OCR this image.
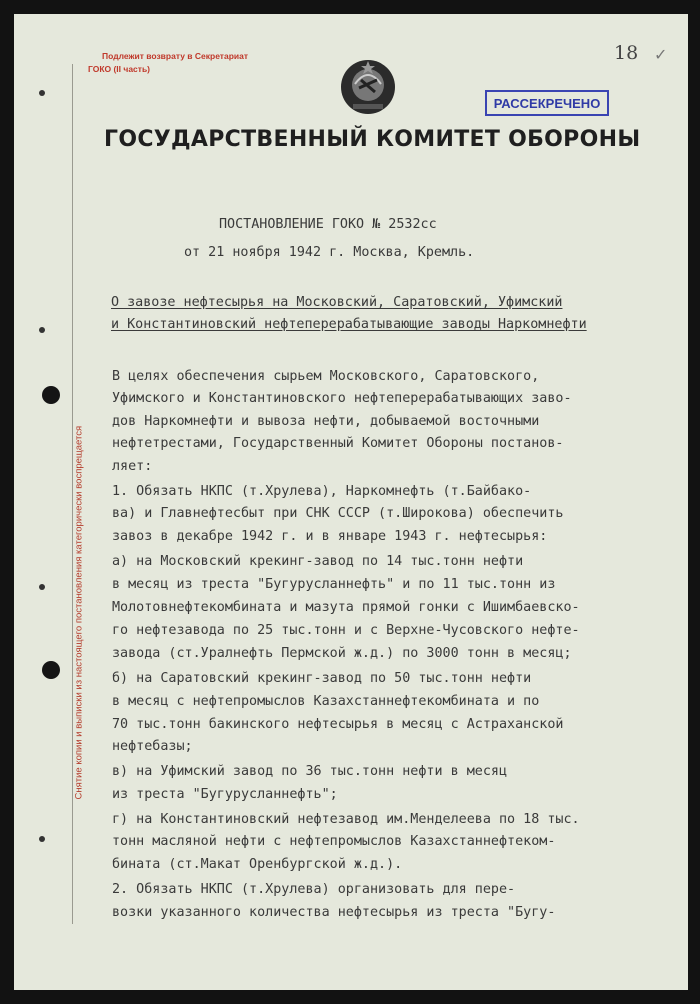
Снятие копии и выписки из настоящего постановления категорически воспрещается
Подлежит возврату в Секретариат
ГОКО (II часть)
18 ✓
РАССЕКРЕЧЕНО
ГОСУДАРСТВЕННЫЙ КОМИТЕТ ОБОРОНЫ
ПОСТАНОВЛЕНИЕ ГОКО № 2532сс
от 21 ноября 1942 г. Москва, Кремль.
О завозе нефтесырья на Московский, Саратовский, Уфимский
и Константиновский нефтеперерабатывающие заводы Наркомнефти
В целях обеспечения сырьем Московского, Саратовского,
Уфимского и Константиновского нефтеперерабатывающих заво-
дов Наркомнефти и вывоза нефти, добываемой восточными
нефтетрестами, Государственный Комитет Обороны постанов-
ляет:
1. Обязать НКПС (т.Хрулева), Наркомнефть (т.Байбако-
ва) и Главнефтесбыт при СНК СССР (т.Широкова) обеспечить
завоз в декабре 1942 г. и в январе 1943 г. нефтесырья:
а) на Московский крекинг-завод по 14 тыс.тонн нефти
в месяц из треста "Бугурусланнефть" и по 11 тыс.тонн из
Молотовнефтекомбината и мазута прямой гонки с Ишимбаевско-
го нефтезавода по 25 тыс.тонн и с Верхне-Чусовского нефте-
завода (ст.Уралнефть Пермской ж.д.) по 3000 тонн в месяц;
б) на Саратовский крекинг-завод по 50 тыс.тонн нефти
в месяц с нефтепромыслов Казахстаннефтекомбината и по
70 тыс.тонн бакинского нефтесырья в месяц с Астраханской
нефтебазы;
в) на Уфимский завод по 36 тыс.тонн нефти в месяц
из треста "Бугурусланнефть";
г) на Константиновский нефтезавод им.Менделеева по 18 тыс.
тонн масляной нефти с нефтепромыслов Казахстаннефтеком-
бината (ст.Макат Оренбургской ж.д.).
2. Обязать НКПС (т.Хрулева) организовать для пере-
возки указанного количества нефтесырья из треста "Бугу-
